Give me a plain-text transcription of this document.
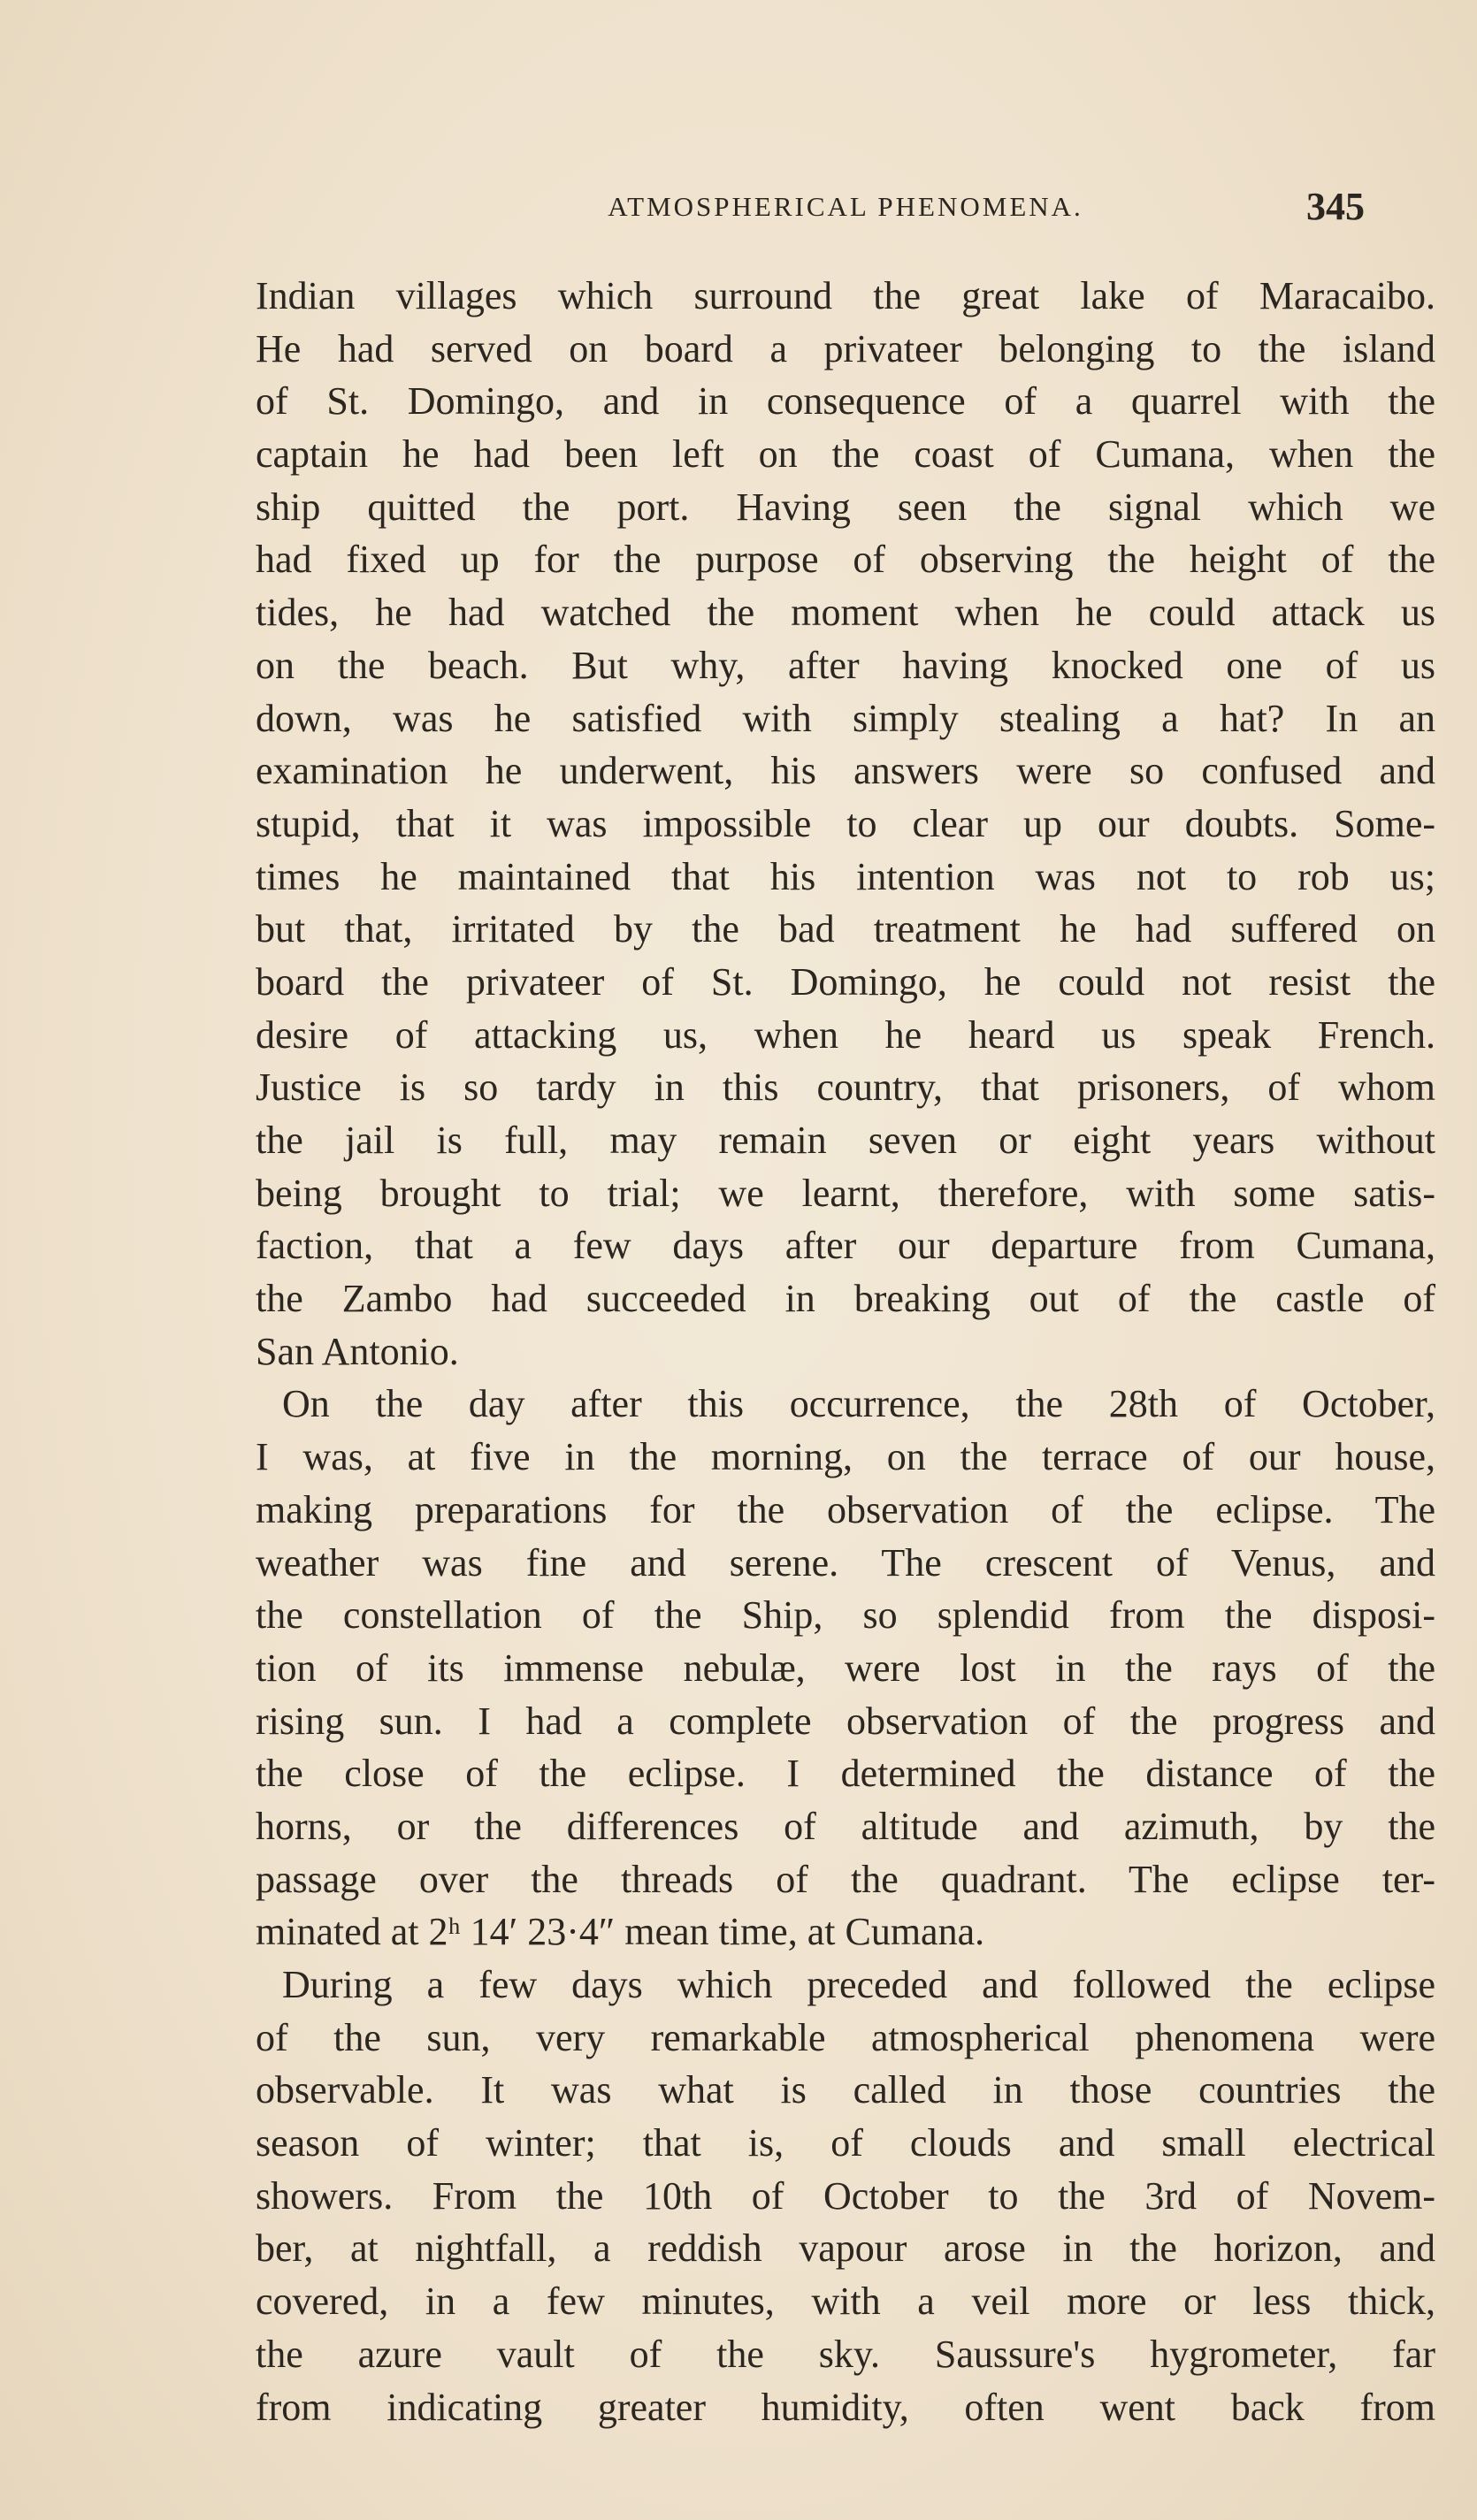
ATMOSPHERICAL PHENOMENA.	345
Indian villages which surround the great lake of Maracaibo.
He had served on board a privateer belonging to the island
of St. Domingo, and in consequence of a quarrel with the
captain he had been left on the coast of Cumana, when the
ship quitted the port. Having seen the signal which we
had fixed up for the purpose of observing the height of the
tides, he had watched the moment when he could attack us
on the beach. But why, after having knocked one of us
down, was he satisfied with simply stealing a hat? In an
examination he underwent, his answers were so confused and
stupid, that it was impossible to clear up our doubts. Some-
times he maintained that his intention was not to rob us;
but that, irritated by the bad treatment he had suffered on
board the privateer of St. Domingo, he could not resist the
desire of attacking us, when he heard us speak French.
Justice is so tardy in this country, that prisoners, of whom
the jail is full, may remain seven or eight years without
being brought to trial; we learnt, therefore, with some satis-
faction, that a few days after our departure from Cumana,
the Zambo had succeeded in breaking out of the castle of
San Antonio.
On the day after this occurrence, the 28th of October,
I was, at five in the morning, on the terrace of our house,
making preparations for the observation of the eclipse. The
weather was fine and serene. The crescent of Venus, and
the constellation of the Ship, so splendid from the disposi-
tion of its immense nebulæ, were lost in the rays of the
rising sun. I had a complete observation of the progress and
the close of the eclipse. I determined the distance of the
horns, or the differences of altitude and azimuth, by the
passage over the threads of the quadrant. The eclipse ter-
minated at 2ʰ 14′ 23·4″ mean time, at Cumana.
During a few days which preceded and followed the eclipse
of the sun, very remarkable atmospherical phenomena were
observable. It was what is called in those countries the
season of winter; that is, of clouds and small electrical
showers. From the 10th of October to the 3rd of Novem-
ber, at nightfall, a reddish vapour arose in the horizon, and
covered, in a few minutes, with a veil more or less thick,
the azure vault of the sky. Saussure's hygrometer, far
from indicating greater humidity, often went back from
